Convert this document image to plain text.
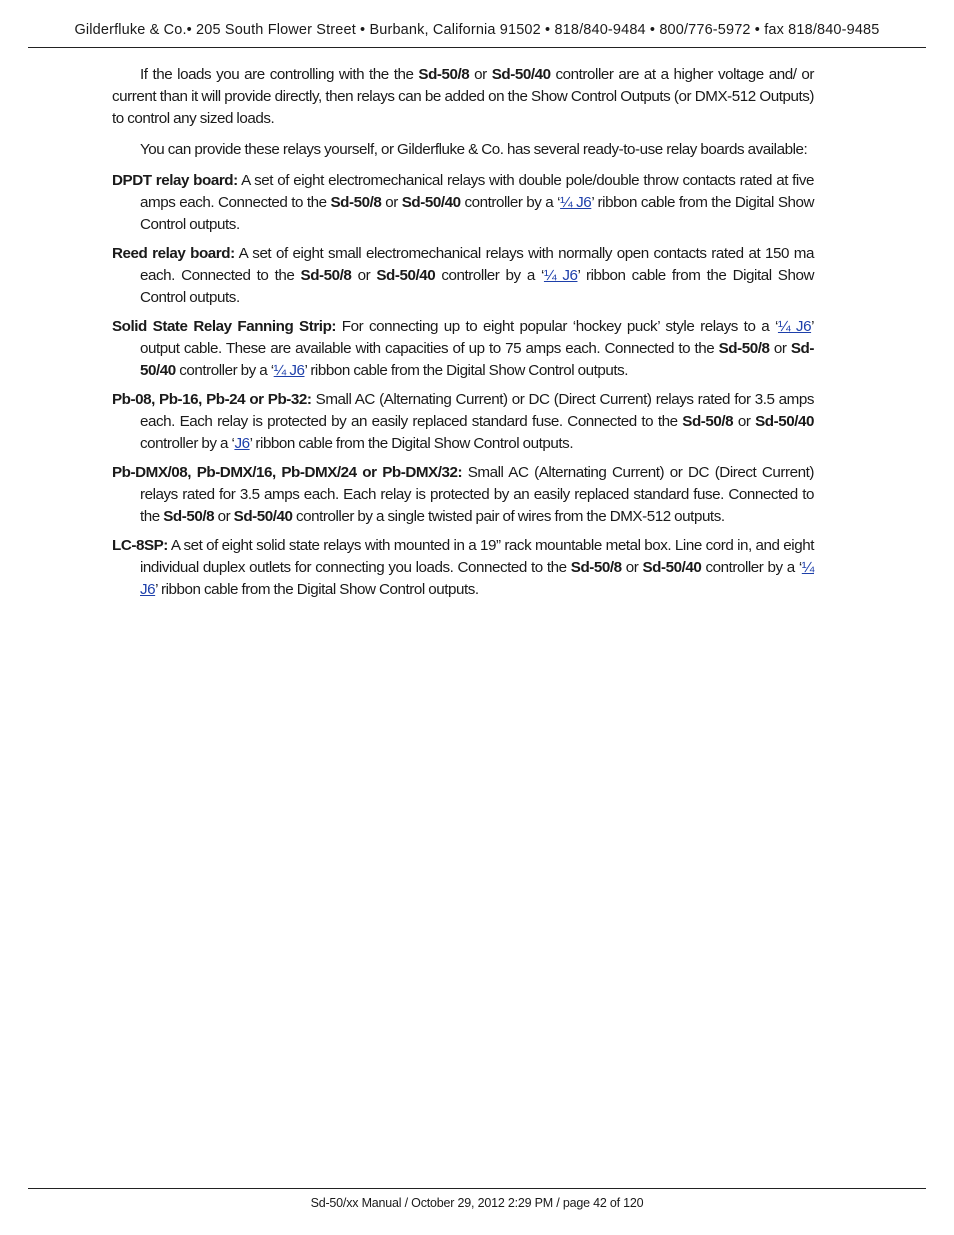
Gilderfluke & Co.• 205 South Flower Street • Burbank, California 91502 • 818/840-9484 • 800/776-5972 • fax 818/840-9485

If the loads you are controlling with the the Sd-50/8 or Sd-50/40 controller are at a higher voltage and/ or current than it will provide directly, then relays can be added on the Show Control Outputs (or DMX-512 Outputs) to control any sized loads.

You can provide these relays yourself, or Gilderfluke & Co. has several ready-to-use relay boards available:

DPDT relay board: A set of eight electromechanical relays with double pole/double throw contacts rated at five amps each. Connected to the Sd-50/8 or Sd-50/40 controller by a ‘¼ J6’ ribbon cable from the Digital Show Control outputs.

Reed relay board: A set of eight small electromechanical relays with normally open contacts rated at 150 ma each. Connected to the Sd-50/8 or Sd-50/40 controller by a ‘¼ J6’ ribbon cable from the Digital Show Control outputs.

Solid State Relay Fanning Strip: For connecting up to eight popular ‘hockey puck’ style relays to a ‘¼ J6’ output cable. These are available with capacities of up to 75 amps each. Connected to the Sd-50/8 or Sd-50/40 controller by a ‘¼ J6’ ribbon cable from the Digital Show Control outputs.

Pb-08, Pb-16, Pb-24 or Pb-32: Small AC (Alternating Current) or DC (Direct Current) relays rated for 3.5 amps each. Each relay is protected by an easily replaced standard fuse. Connected to the Sd-50/8 or Sd-50/40 controller by a ‘J6’ ribbon cable from the Digital Show Control outputs.

Pb-DMX/08, Pb-DMX/16, Pb-DMX/24 or Pb-DMX/32: Small AC (Alternating Current) or DC (Direct Current) relays rated for 3.5 amps each. Each relay is protected by an easily replaced standard fuse. Connected to the Sd-50/8 or Sd-50/40 controller by a single twisted pair of wires from the DMX-512 outputs.

LC-8SP: A set of eight solid state relays with mounted in a 19” rack mountable metal box. Line cord in, and eight individual duplex outlets for connecting you loads. Connected to the Sd-50/8 or Sd-50/40 controller by a ‘¼ J6’ ribbon cable from the Digital Show Control outputs.

Sd-50/xx Manual / October 29, 2012 2:29 PM / page 42 of 120
